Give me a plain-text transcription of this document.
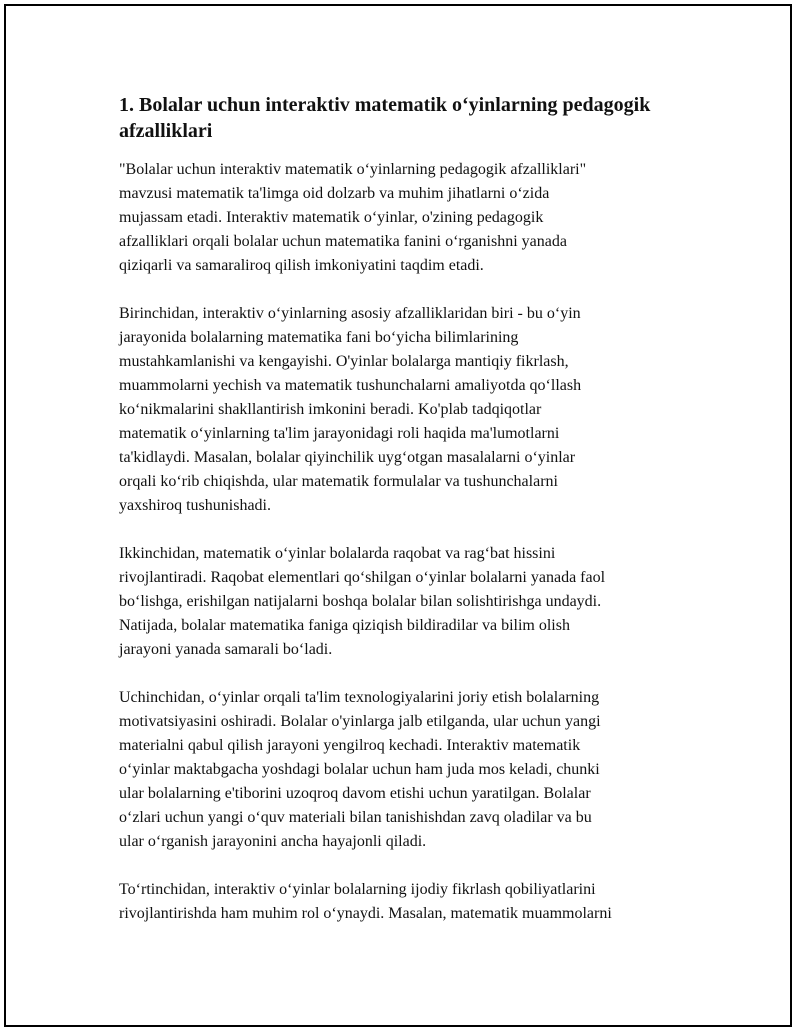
1. Bolalar uchun interaktiv matematik o‘yinlarning pedagogik
afzalliklari

"Bolalar uchun interaktiv matematik o‘yinlarning pedagogik afzalliklari"
mavzusi matematik ta'limga oid dolzarb va muhim jihatlarni o‘zida
mujassam etadi. Interaktiv matematik o‘yinlar, o'zining pedagogik
afzalliklari orqali bolalar uchun matematika fanini o‘rganishni yanada
qiziqarli va samaraliroq qilish imkoniyatini taqdim etadi.

Birinchidan, interaktiv o‘yinlarning asosiy afzalliklaridan biri - bu o‘yin
jarayonida bolalarning matematika fani bo‘yicha bilimlarining
mustahkamlanishi va kengayishi. O'yinlar bolalarga mantiqiy fikrlash,
muammolarni yechish va matematik tushunchalarni amaliyotda qo‘llash
ko‘nikmalarini shakllantirish imkonini beradi. Ko'plab tadqiqotlar
matematik o‘yinlarning ta'lim jarayonidagi roli haqida ma'lumotlarni
ta'kidlaydi. Masalan, bolalar qiyinchilik uyg‘otgan masalalarni o‘yinlar
orqali ko‘rib chiqishda, ular matematik formulalar va tushunchalarni
yaxshiroq tushunishadi.

Ikkinchidan, matematik o‘yinlar bolalarda raqobat va rag‘bat hissini
rivojlantiradi. Raqobat elementlari qo‘shilgan o‘yinlar bolalarni yanada faol
bo‘lishga, erishilgan natijalarni boshqa bolalar bilan solishtirishga undaydi.
Natijada, bolalar matematika faniga qiziqish bildiradilar va bilim olish
jarayoni yanada samarali bo‘ladi.

Uchinchidan, o‘yinlar orqali ta'lim texnologiyalarini joriy etish bolalarning
motivatsiyasini oshiradi. Bolalar o'yinlarga jalb etilganda, ular uchun yangi
materialni qabul qilish jarayoni yengilroq kechadi. Interaktiv matematik
o‘yinlar maktabgacha yoshdagi bolalar uchun ham juda mos keladi, chunki
ular bolalarning e'tiborini uzoqroq davom etishi uchun yaratilgan. Bolalar
o‘zlari uchun yangi o‘quv materiali bilan tanishishdan zavq oladilar va bu
ular o‘rganish jarayonini ancha hayajonli qiladi.

To‘rtinchidan, interaktiv o‘yinlar bolalarning ijodiy fikrlash qobiliyatlarini
rivojlantirishda ham muhim rol o‘ynaydi. Masalan, matematik muammolarni
